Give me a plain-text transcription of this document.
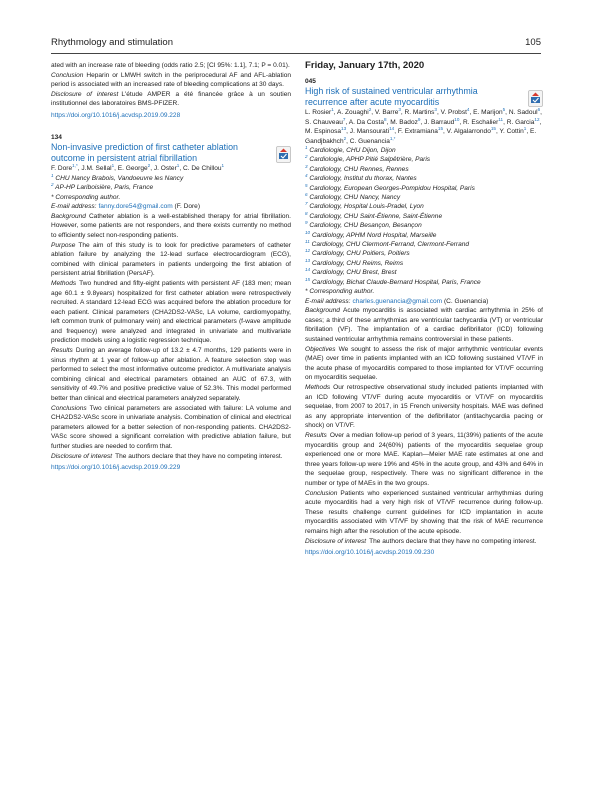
Rhythmology and stimulation	105

ated with an increase rate of bleeding (odds ratio 2.5; [CI 95%: 1.1], 7.1; P = 0.01).

Conclusion Heparin or LMWH switch in the periprocedural AF and AFL-ablation period is associated with an increased rate of bleeding complications at 30 days.

Disclosure of interest L'étude AMPER a été financée grâce à un soutien institutionnel des laboratoires BMS-PFIZER.

https://doi.org/10.1016/j.acvdsp.2019.09.228

134

Non-invasive prediction of first catheter ablation outcome in persistent atrial fibrillation

F. Dore$^{1,*}$, J.M. Sellal$^1$, E. George$^2$, J. Oster$^1$, C. De Chillou$^1$

$^1$ CHU Nancy Brabois, Vandoeuvre les Nancy

$^2$ AP-HP Lariboisière, Paris, France

* Corresponding author.

E-mail address: fanny.dore54@gmail.com (F. Dore)

Background Catheter ablation is a well-established therapy for atrial fibrillation. However, some patients are not responders, and there exists currently no method to efficiently select non-responding patients.

Purpose The aim of this study is to look for predictive parameters of catheter ablation failure by analyzing the 12-lead surface electrocardiogram (ECG), combined with clinical parameters in patients undergoing the first ablation of persistent atrial fibrillation (PersAF).

Methods Two hundred and fifty-eight patients with persistent AF (183 men; mean age 60.1 ± 9.8years) hospitalized for first catheter ablation were retrospectively recruited. A standard 12-lead ECG was acquired before the ablation procedure for each patient. Clinical parameters (CHA2DS2-VASc, LA volume, cardiomyopathy, left common trunk of pulmonary vein) and electrical parameters (f-wave amplitude and frequency) were analyzed and integrated in univariate and multivariate prediction models using a logistic regression technique.

Results During an average follow-up of 13.2 ± 4.7 months, 129 patients were in sinus rhythm at 1 year of follow-up after ablation. A feature selection step was performed to select the most informative outcome predictor. A multivariate analysis combining clinical and electrical parameters obtained an AUC of 67.3, with sensitivity of 49.7% and positive predictive value of 52.3%. This model performed better than clinical and electrical parameters analyzed separately.

Conclusions Two clinical parameters are associated with failure: LA volume and CHA2DS2-VASc score in univariate analysis. Combination of clinical and electrical parameters allowed for a better selection of non-responding patients. CHA2DS2-VASc score showed a significant correlation with predictive ablation failure, but further studies are needed to confirm that.

Disclosure of interest The authors declare that they have no competing interest.

https://doi.org/10.1016/j.acvdsp.2019.09.229

Friday, January 17th, 2020

045

High risk of sustained ventricular arrhythmia recurrence after acute myocarditis

L. Rosier$^1$, A. Zouaghi$^2$, V. Barre$^3$, R. Martins$^3$, V. Probst$^4$, E. Marijon$^5$, N. Sadoul$^6$, S. Chauveau$^7$, A. Da Costa$^8$, M. Badoz$^9$, J. Barraud$^{10}$, R. Eschalier$^{11}$, R. Garcia$^{12}$, M. Espinosa$^{13}$, J. Mansourati$^{14}$, F. Extramiana$^{15}$, V. Algalarrondo$^{15}$, Y. Cottin$^1$, E. Gandjbakhch$^2$, C. Guenancia$^{1,*}$

$^1$ Cardiologie, CHU Dijon, Dijon

$^2$ Cardiologie, APHP Pitié Salpêtrière, Paris

$^3$ Cardiology, CHU Rennes, Rennes

$^4$ Cardiology, Institut du thorax, Nantes

$^5$ Cardiology, European Georges-Pompidou Hospital, Paris

$^6$ Cardiology, CHU Nancy, Nancy

$^7$ Cardiology, Hospital Louis-Pradel, Lyon

$^8$ Cardiology, CHU Saint-Étienne, Saint-Étienne

$^9$ Cardiology, CHU Besançon, Besançon

$^{10}$ Cardiology, APHM Nord Hospital, Marseille

$^{11}$ Cardiology, CHU Clermont-Ferrand, Clermont-Ferrand

$^{12}$ Cardiology, CHU Poitiers, Poitiers

$^{13}$ Cardiology, CHU Reims, Reims

$^{14}$ Cardiology, CHU Brest, Brest

$^{15}$ Cardiology, Bichat Claude-Bernard Hospital, Paris, France

* Corresponding author.

E-mail address: charles.guenancia@gmail.com (C. Guenancia)

Background Acute myocarditis is associated with cardiac arrhythmia in 25% of cases; a third of these arrhythmias are ventricular tachycardia (VT) or ventricular fibrillation (VF). The implantation of a cardiac defibrillator (ICD) following sustained ventricular arrhythmia remains controversial in these patients.

Objectives We sought to assess the risk of major arrhythmic ventricular events (MAE) over time in patients implanted with an ICD following sustained VT/VF in the acute phase of myocarditis compared to those implanted for VT/VF occurring on myocarditis sequelae.

Methods Our retrospective observational study included patients implanted with an ICD following VT/VF during acute myocarditis or VT/VF on myocarditis sequelae, from 2007 to 2017, in 15 French university hospitals. MAE was defined as any appropriate intervention of the defibrillator (antitachycardia pacing or shock) on VT/VF.

Results Over a median follow-up period of 3 years, 11(39%) patients of the acute myocarditis group and 24(60%) patients of the myocarditis sequelae group experienced one or more MAE. Kaplan—Meier MAE rate estimates at one and three years follow-up were 19% and 45% in the acute group, and 43% and 64% in the sequelae group, respectively. There was no significant difference in the number or type of MAEs in the two groups.

Conclusion Patients who experienced sustained ventricular arrhythmias during acute myocarditis had a very high risk of VT/VF recurrence during follow-up. These results challenge current guidelines for ICD implantation in acute myocarditis associated with VT/VF by showing that the risk of MAE recurrence remains high after the resolution of the acute episode.

Disclosure of interest The authors declare that they have no competing interest.

https://doi.org/10.1016/j.acvdsp.2019.09.230
